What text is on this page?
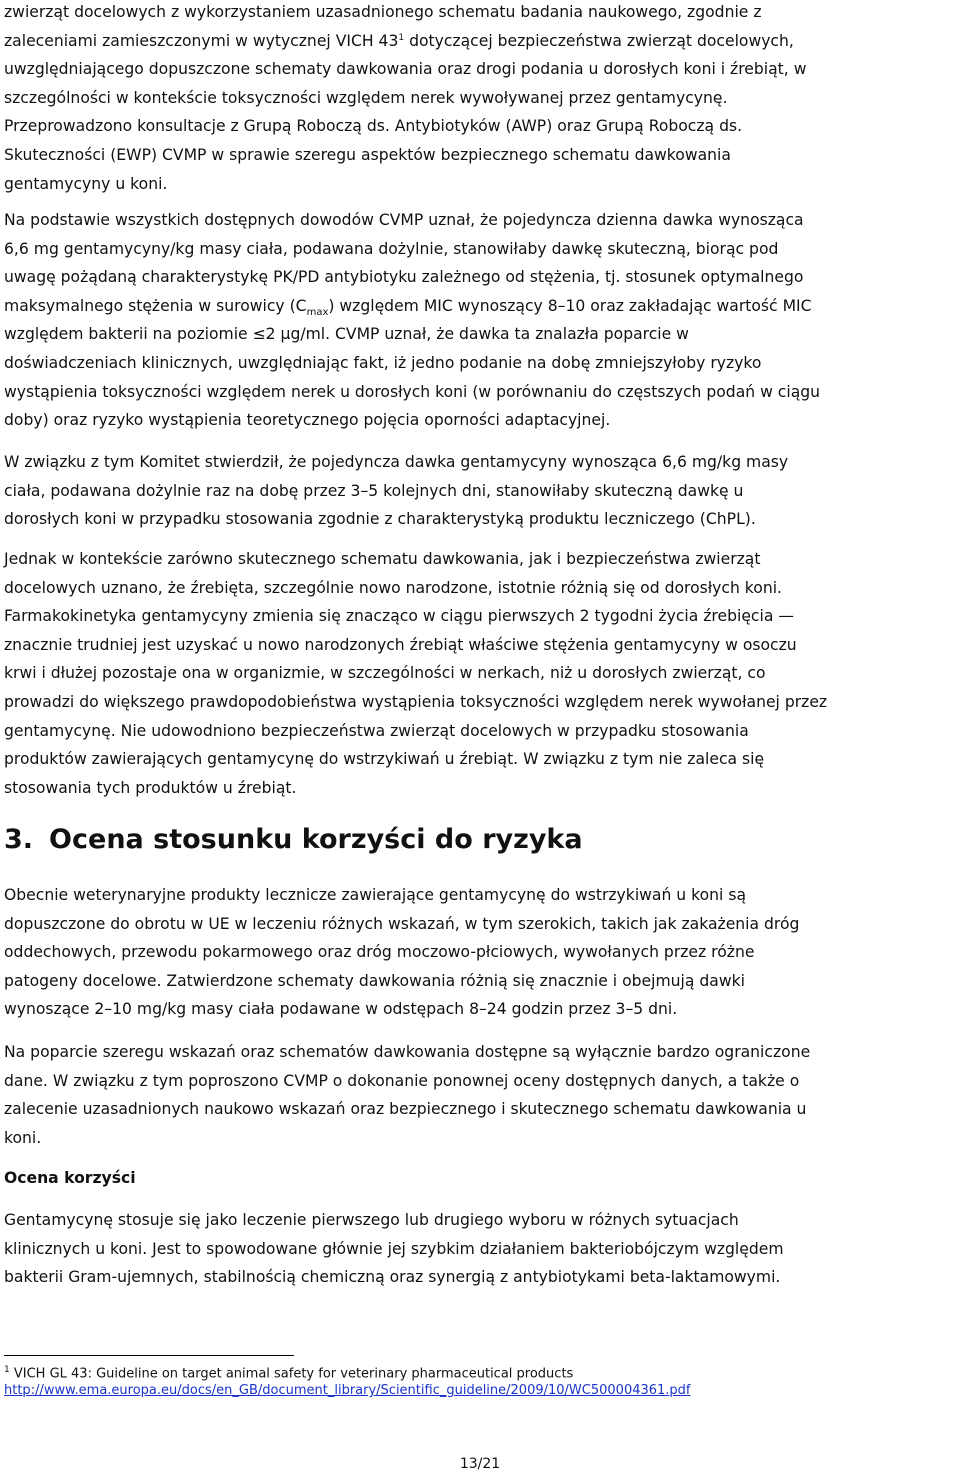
zwierząt docelowych z wykorzystaniem uzasadnionego schematu badania naukowego, zgodnie z
zaleceniami zamieszczonymi w wytycznej VICH 43$^1$ dotyczącej bezpieczeństwa zwierząt docelowych,
uwzględniającego dopuszczone schematy dawkowania oraz drogi podania u dorosłych koni i źrebiąt, w
szczególności w kontekście toksyczności względem nerek wywoływanej przez gentamycynę.
Przeprowadzono konsultacje z Grupą Roboczą ds. Antybiotyków (AWP) oraz Grupą Roboczą ds.
Skuteczności (EWP) CVMP w sprawie szeregu aspektów bezpiecznego schematu dawkowania
gentamycyny u koni.
Na podstawie wszystkich dostępnych dowodów CVMP uznał, że pojedyncza dzienna dawka wynosząca
6,6 mg gentamycyny/kg masy ciała, podawana dożylnie, stanowiłaby dawkę skuteczną, biorąc pod
uwagę pożądaną charakterystykę PK/PD antybiotyku zależnego od stężenia, tj. stosunek optymalnego
maksymalnego stężenia w surowicy $(C_{max})$ względem MIC wynoszący 8–10 oraz zakładając wartość MIC
względem bakterii na poziomie ≤2 µg/ml. CVMP uznał, że dawka ta znalazła poparcie w
doświadczeniach klinicznych, uwzględniając fakt, iż jedno podanie na dobę zmniejszyłoby ryzyko
wystąpienia toksyczności względem nerek u dorosłych koni (w porównaniu do częstszych podań w ciągu
doby) oraz ryzyko wystąpienia teoretycznego pojęcia oporności adaptacyjnej.
W związku z tym Komitet stwierdził, że pojedyncza dawka gentamycyny wynosząca 6,6 mg/kg masy
ciała, podawana dożylnie raz na dobę przez 3–5 kolejnych dni, stanowiłaby skuteczną dawkę u
dorosłych koni w przypadku stosowania zgodnie z charakterystyką produktu leczniczego (ChPL).
Jednak w kontekście zarówno skutecznego schematu dawkowania, jak i bezpieczeństwa zwierząt
docelowych uznano, że źrebięta, szczególnie nowo narodzone, istotnie różnią się od dorosłych koni.
Farmakokinetyka gentamycyny zmienia się znacząco w ciągu pierwszych 2 tygodni życia źrebięcia —
znacznie trudniej jest uzyskać u nowo narodzonych źrebiąt właściwe stężenia gentamycyny w osoczu
krwi i dłużej pozostaje ona w organizmie, w szczególności w nerkach, niż u dorosłych zwierząt, co
prowadzi do większego prawdopodobieństwa wystąpienia toksyczności względem nerek wywołanej przez
gentamycynę. Nie udowodniono bezpieczeństwa zwierząt docelowych w przypadku stosowania
produktów zawierających gentamycynę do wstrzykiwań u źrebiąt. W związku z tym nie zaleca się
stosowania tych produktów u źrebiąt.
3. Ocena stosunku korzyści do ryzyka
Obecnie weterynaryjne produkty lecznicze zawierające gentamycynę do wstrzykiwań u koni są
dopuszczone do obrotu w UE w leczeniu różnych wskazań, w tym szerokich, takich jak zakażenia dróg
oddechowych, przewodu pokarmowego oraz dróg moczowo-płciowych, wywołanych przez różne
patogeny docelowe. Zatwierdzone schematy dawkowania różnią się znacznie i obejmują dawki
wynoszące 2–10 mg/kg masy ciała podawane w odstępach 8–24 godzin przez 3–5 dni.
Na poparcie szeregu wskazań oraz schematów dawkowania dostępne są wyłącznie bardzo ograniczone
dane. W związku z tym poproszono CVMP o dokonanie ponownej oceny dostępnych danych, a także o
zalecenie uzasadnionych naukowo wskazań oraz bezpiecznego i skutecznego schematu dawkowania u
koni.
Ocena korzyści
Gentamycynę stosuje się jako leczenie pierwszego lub drugiego wyboru w różnych sytuacjach
klinicznych u koni. Jest to spowodowane głównie jej szybkim działaniem bakteriobójczym względem
bakterii Gram-ujemnych, stabilnością chemiczną oraz synergią z antybiotykami beta-laktamowymi.
$^1$ VICH GL 43: Guideline on target animal safety for veterinary pharmaceutical products
http://www.ema.europa.eu/docs/en_GB/document_library/Scientific_guideline/2009/10/WC500004361.pdf
13/21
